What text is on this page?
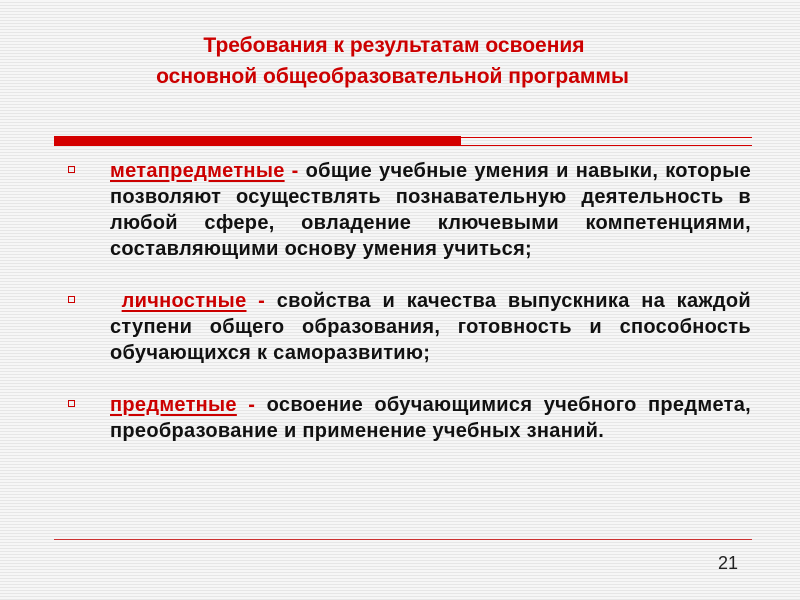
Требования к результатам освоения
основной общеобразовательной программы
метапредметные - общие учебные умения и навыки, которые позволяют осуществлять познавательную деятельность в любой сфере, овладение ключевыми компетенциями, составляющими основу умения учиться;
личностные - свойства и качества выпускника на каждой ступени общего образования, готовность и способность обучающихся к саморазвитию;
предметные - освоение обучающимися учебного предмета, преобразование и применение учебных знаний.
21
